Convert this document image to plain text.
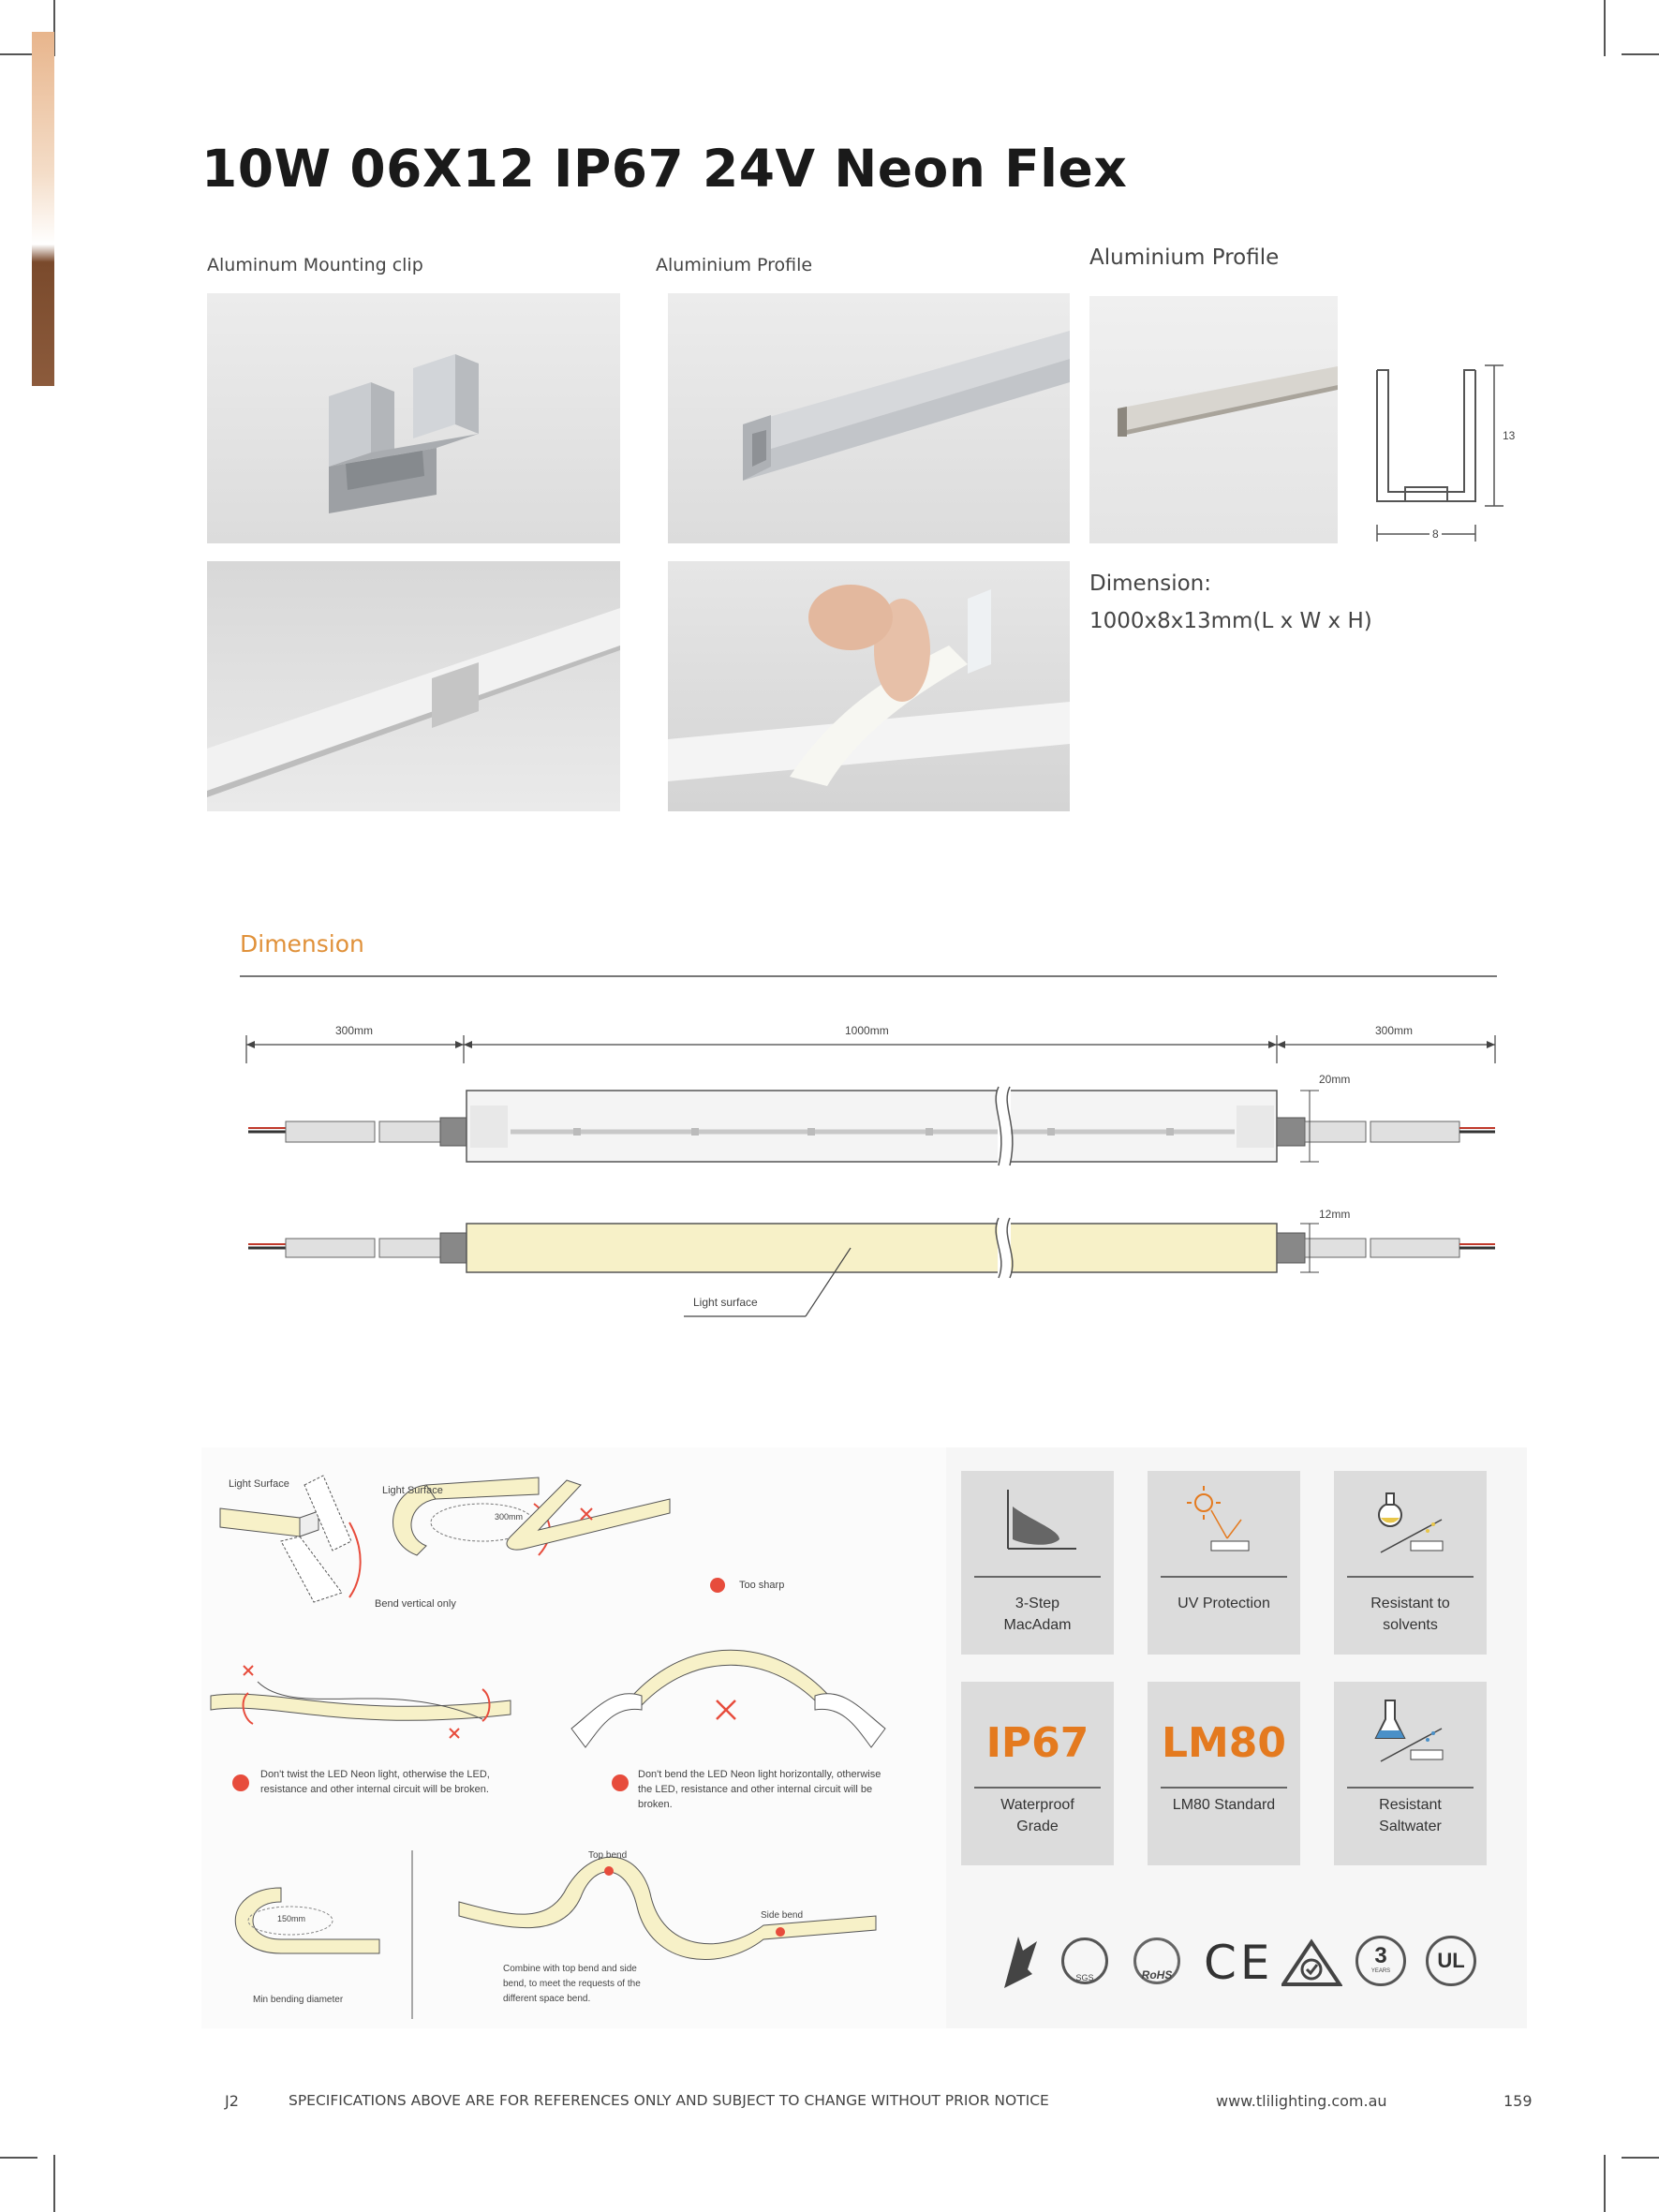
10W 06X12 IP67 24V Neon Flex
Aluminum Mounting clip	Aluminium Profile	Aluminium Profile
13
8
Dimension:
1000x8x13mm(L x W x H)
Dimension
300mm	1000mm	300mm
20mm
12mm
Light surface
Light Surface
Light Surface
300mm
Bend vertical only
Too sharp
Don't twist the LED Neon light, otherwise the LED, resistance and other internal circuit will be broken.
Don't bend the LED Neon light horizontally, otherwise the LED, resistance and other internal circuit will be broken.
150mm
Min bending diameter
Top bend
Side bend
Combine with top bend and side bend, to meet the requests of the different space bend.
3-Step MacAdam
UV Protection	Resistant to solvents
IP67
Waterproof Grade
LM80
LM80 Standard	Resistant Saltwater
$_{SGS}$	$_{RoHS}$ CE	3
YEARS	UL
J2	SPECIFICATIONS ABOVE ARE FOR REFERENCES ONLY AND SUBJECT TO CHANGE WITHOUT PRIOR NOTICE	www.tlilighting.com.au	159
